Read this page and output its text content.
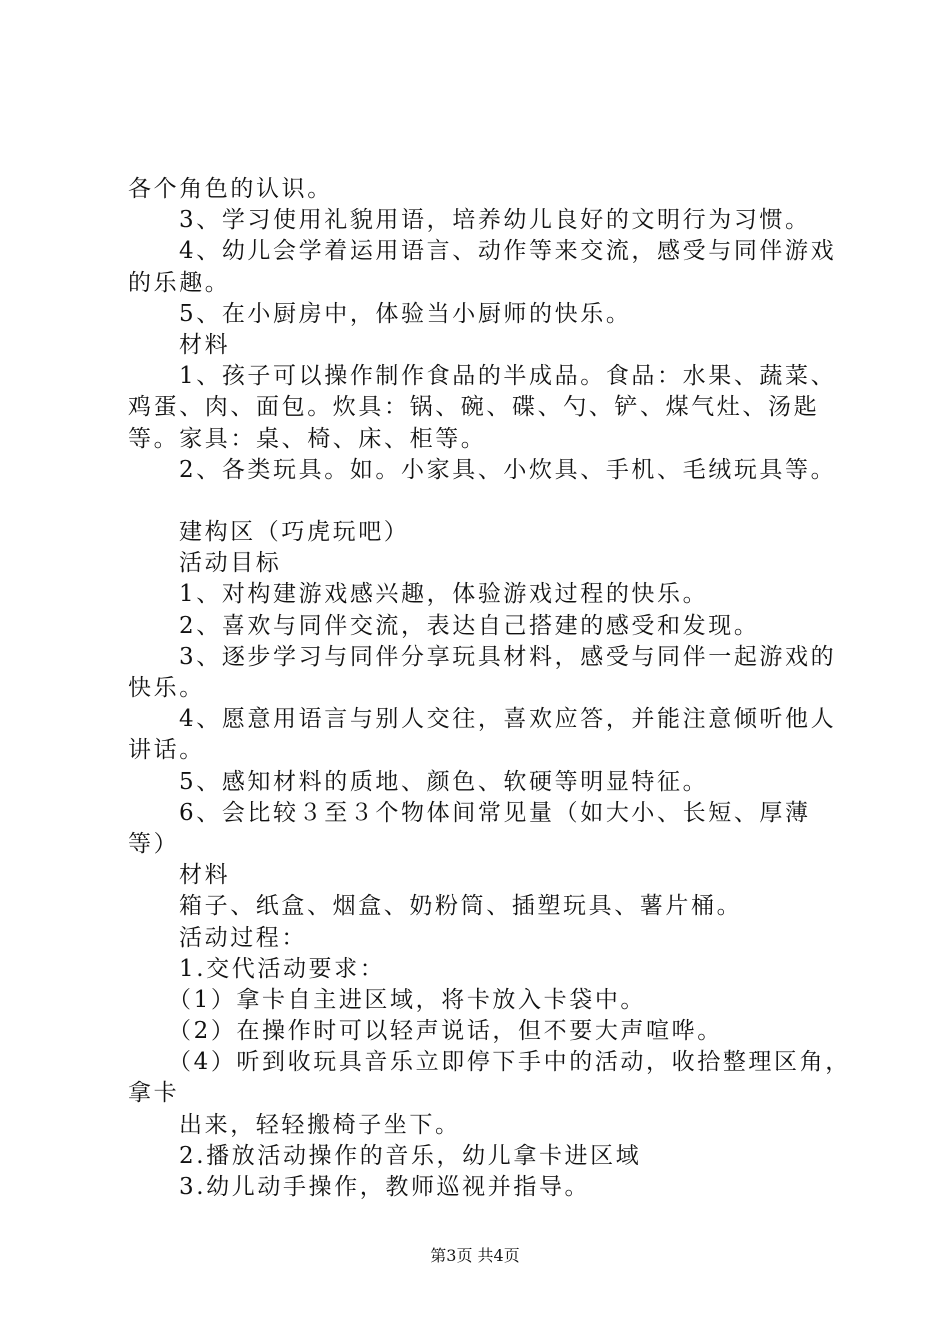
各个角色的认识。
3、学习使用礼貌用语，培养幼儿良好的文明行为习惯。
4、幼儿会学着运用语言、动作等来交流，感受与同伴游戏
的乐趣。
5、在小厨房中，体验当小厨师的快乐。
材料
1、孩子可以操作制作食品的半成品。食品：水果、蔬菜、
鸡蛋、肉、面包。炊具：锅、碗、碟、勺、铲、煤气灶、汤匙
等。家具：桌、椅、床、柜等。
2、各类玩具。如。小家具、小炊具、手机、毛绒玩具等。
建构区（巧虎玩吧）
活动目标
1、对构建游戏感兴趣，体验游戏过程的快乐。
2、喜欢与同伴交流，表达自己搭建的感受和发现。
3、逐步学习与同伴分享玩具材料，感受与同伴一起游戏的
快乐。
4、愿意用语言与别人交往，喜欢应答，并能注意倾听他人
讲话。
5、感知材料的质地、颜色、软硬等明显特征。
6、会比较３至３个物体间常见量（如大小、长短、厚薄
等）
材料
箱子、纸盒、烟盒、奶粉筒、插塑玩具、薯片桶。
活动过程：
1.交代活动要求：
（1）拿卡自主进区域，将卡放入卡袋中。
（2）在操作时可以轻声说话，但不要大声喧哗。
（4）听到收玩具音乐立即停下手中的活动，收拾整理区角，
拿卡
出来，轻轻搬椅子坐下。
2.播放活动操作的音乐，幼儿拿卡进区域
3.幼儿动手操作，教师巡视并指导。
第3页 共4页
